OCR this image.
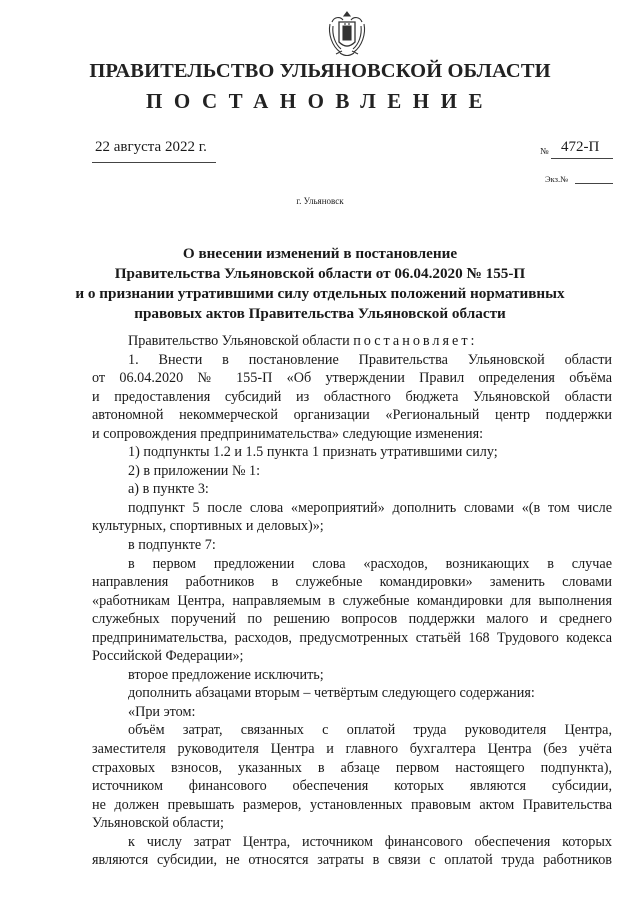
ПРАВИТЕЛЬСТВО УЛЬЯНОВСКОЙ ОБЛАСТИ
ПОСТАНОВЛЕНИЕ
22 августа 2022 г.	№ 472-П
Экз.№
г. Ульяновск
О внесении изменений в постановление
Правительства Ульяновской области от 06.04.2020 № 155-П
и о признании утратившими силу отдельных положений нормативных
правовых актов Правительства Ульяновской области
Правительство Ульяновской области постановляет:
1. Внести в постановление Правительства Ульяновской области
от 06.04.2020 № 155-П «Об утверждении Правил определения объёма
и предоставления субсидий из областного бюджета Ульяновской области
автономной некоммерческой организации «Региональный центр поддержки
и сопровождения предпринимательства» следующие изменения:
1) подпункты 1.2 и 1.5 пункта 1 признать утратившими силу;
2) в приложении № 1:
а) в пункте 3:
подпункт 5 после слова «мероприятий» дополнить словами «(в том числе
культурных, спортивных и деловых)»;
в подпункте 7:
в первом предложении слова «расходов, возникающих в случае
направления работников в служебные командировки» заменить словами
«работникам Центра, направляемым в служебные командировки для выполнения
служебных поручений по решению вопросов поддержки малого и среднего
предпринимательства, расходов, предусмотренных статьёй 168 Трудового кодекса
Российской Федерации»;
второе предложение исключить;
дополнить абзацами вторым – четвёртым следующего содержания:
«При этом:
объём затрат, связанных с оплатой труда руководителя Центра,
заместителя руководителя Центра и главного бухгалтера Центра (без учёта
страховых взносов, указанных в абзаце первом настоящего подпункта),
источником финансового обеспечения которых являются субсидии,
не должен превышать размеров, установленных правовым актом Правительства
Ульяновской области;
к числу затрат Центра, источником финансового обеспечения которых
являются субсидии, не относятся затраты в связи с оплатой труда работников
